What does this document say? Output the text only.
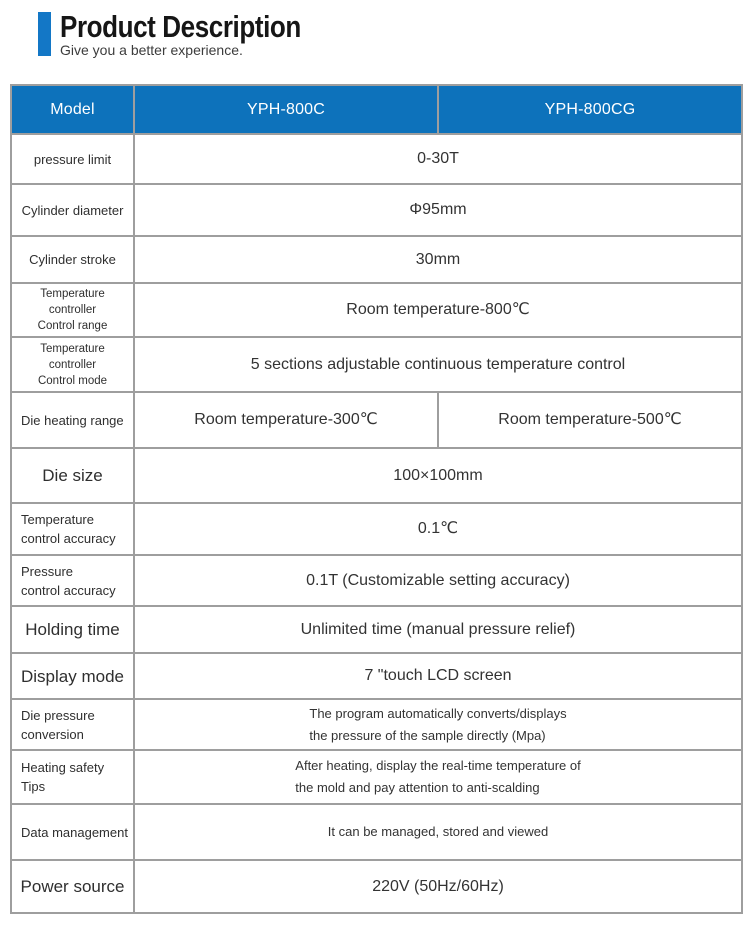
Product Description
Give you a better experience.
Model	YPH-800C	YPH-800CG
pressure limit	0-30T	
Cylinder diameter	Φ95mm	
Cylinder stroke	30mm	
Temperature controller
Control range	Room temperature-800℃	
Temperature controller
Control mode	5 sections adjustable continuous temperature control	
Die heating range	Room temperature-300℃	Room temperature-500℃
Die size	100×100mm	
Temperature
control accuracy	0.1℃	
Pressure
control accuracy	0.1T (Customizable setting accuracy)	
Holding time	Unlimited time (manual pressure relief)	
Display mode	7 "touch LCD screen	
Die pressure
conversion	The program automatically converts/displays
the pressure of the sample directly (Mpa)	
Heating safety Tips	After heating, display the real-time temperature of
the mold and pay attention to anti-scalding	
Data management	It can be managed, stored and viewed	
Power source	220V (50Hz/60Hz)	
